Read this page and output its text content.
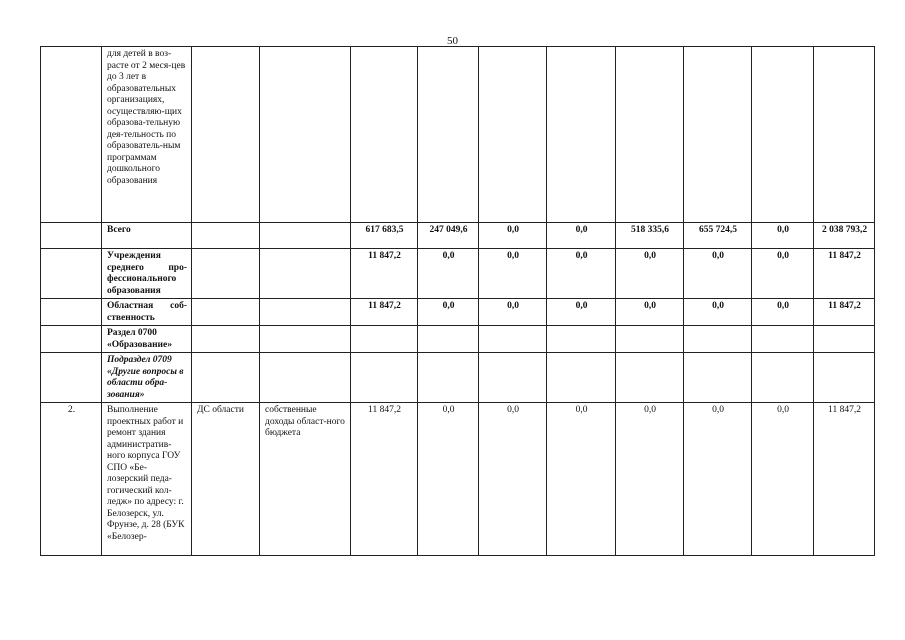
50
	для детей в воз-расте от 2 меся-цев до 3 лет в образовательных организациях, осуществляю-щих образова-тельную дея-тельность по образователь-ным программам дошкольного образования										
	Всего			617 683,5	247 049,6	0,0	0,0	518 335,6	655 724,5	0,0	2 038 793,2
	Учреждения среднего про-фессионального образования			11 847,2	0,0	0,0	0,0	0,0	0,0	0,0	11 847,2
	Областная соб-ственность			11 847,2	0,0	0,0	0,0	0,0	0,0	0,0	11 847,2
	Раздел 0700 «Образование»										
	Подраздел 0709 «Другие вопросы в области обра-зования»										
2.	Выполнение проектных работ и ремонт здания административ-ного корпуса ГОУ СПО «Бе-лозерский педа-гогический кол-ледж» по адресу: г. Белозерск, ул. Фрунзе, д. 28 (БУК «Белозер-	ДС области	собственные доходы област-ного бюджета	11 847,2	0,0	0,0	0,0	0,0	0,0	0,0	11 847,2
